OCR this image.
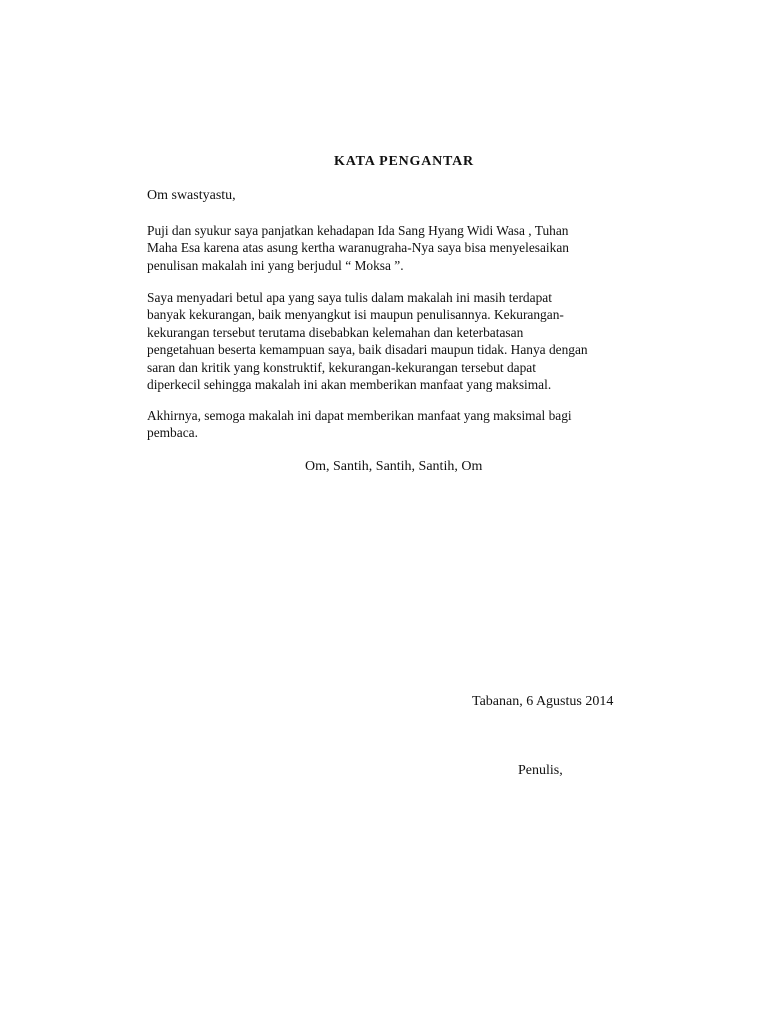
KATA PENGANTAR
Om swastyastu,
Puji dan syukur saya panjatkan kehadapan Ida Sang Hyang Widi Wasa , Tuhan
Maha Esa karena atas asung kertha waranugraha-Nya saya bisa menyelesaikan
penulisan makalah ini yang berjudul “ Moksa ”.
Saya menyadari betul apa yang saya tulis dalam makalah ini masih terdapat
banyak kekurangan, baik menyangkut isi maupun penulisannya. Kekurangan-
kekurangan tersebut terutama disebabkan kelemahan dan keterbatasan
pengetahuan beserta kemampuan saya, baik disadari maupun tidak. Hanya dengan
saran dan kritik yang konstruktif, kekurangan-kekurangan tersebut dapat
diperkecil sehingga makalah ini akan memberikan manfaat yang maksimal.
Akhirnya, semoga makalah ini dapat memberikan manfaat yang maksimal bagi
pembaca.
Om, Santih, Santih, Santih, Om
Tabanan, 6 Agustus 2014
Penulis,
